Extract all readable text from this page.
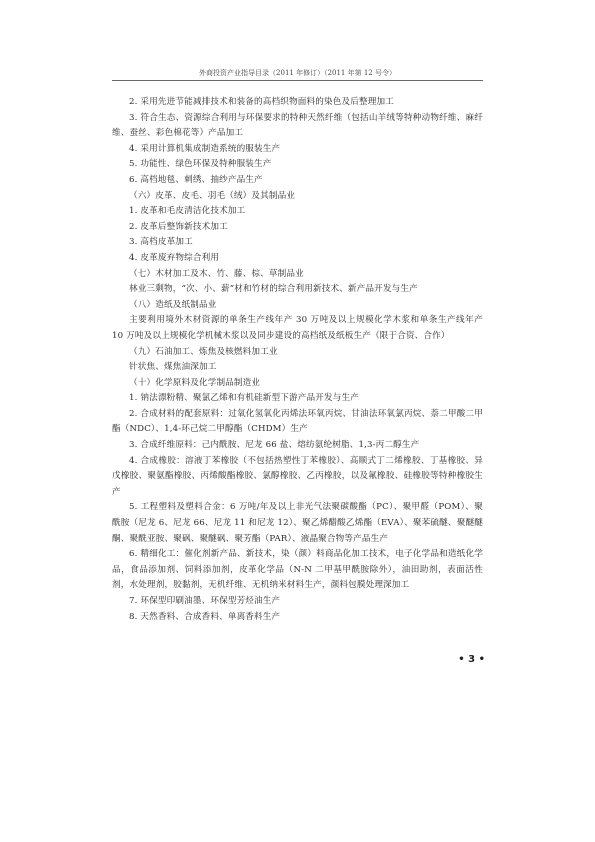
外商投资产业指导目录（2011 年修订）（2011 年第 12 号令）

2. 采用先进节能减排技术和装备的高档织物面料的染色及后整理加工

3. 符合生态、资源综合利用与环保要求的特种天然纤维（包括山羊绒等特种动物纤维、麻纤维、蚕丝、彩色棉花等）产品加工

4. 采用计算机集成制造系统的服装生产

5. 功能性、绿色环保及特种服装生产

6. 高档地毯、刺绣、抽纱产品生产

（六）皮革、皮毛、羽毛（绒）及其制品业

1. 皮革和毛皮清洁化技术加工

2. 皮革后整饰新技术加工

3. 高档皮革加工

4. 皮革废弃物综合利用

（七）木材加工及木、竹、藤、棕、草制品业

林业三剩物，“次、小、薪”材和竹材的综合利用新技术、新产品开发与生产

（八）造纸及纸制品业

主要利用境外木材资源的单条生产线年产 30 万吨及以上规模化学木浆和单条生产线年产 10 万吨及以上规模化学机械木浆以及同步建设的高档纸及纸板生产（限于合资、合作）

（九）石油加工、炼焦及核燃料加工业

针状焦、煤焦油深加工

（十）化学原料及化学制品制造业

1. 钠法漂粉精、聚氯乙烯和有机硅新型下游产品开发与生产

2. 合成材料的配套原料：过氧化氢氧化丙烯法环氧丙烷、甘油法环氧氯丙烷、萘二甲酸二甲酯（NDC）、1,4-环己烷二甲醇酯（CHDM）生产

3. 合成纤维原料：己内酰胺、尼龙 66 盐、熔纺氨纶树脂、1,3-丙二醇生产

4. 合成橡胶：溶液丁苯橡胶（不包括热塑性丁苯橡胶）、高顺式丁二烯橡胶、丁基橡胶、异戊橡胶、聚氨酯橡胶、丙烯酸酯橡胶、氯醇橡胶、乙丙橡胶，以及氟橡胶、硅橡胶等特种橡胶生产

5. 工程塑料及塑料合金：6 万吨/年及以上非光气法聚碳酸酯（PC）、聚甲醛（POM）、聚酰胺（尼龙 6、尼龙 66、尼龙 11 和尼龙 12）、聚乙烯醋酸乙烯酯（EVA）、聚苯硫醚、聚醚醚酮、聚酰亚胺、聚砜、聚醚砜、聚芳酯（PAR）、液晶聚合物等产品生产

6. 精细化工：催化剂新产品、新技术，染（颜）料商品化加工技术，电子化学品和造纸化学品，食品添加剂、饲料添加剂，皮革化学品（N-N 二甲基甲酰胺除外），油田助剂，表面活性剂，水处理剂，胶黏剂，无机纤维、无机纳米材料生产，颜料包膜处理深加工

7. 环保型印刷油墨、环保型芳烃油生产

8. 天然香料、合成香料、单离香料生产

• 3 •
